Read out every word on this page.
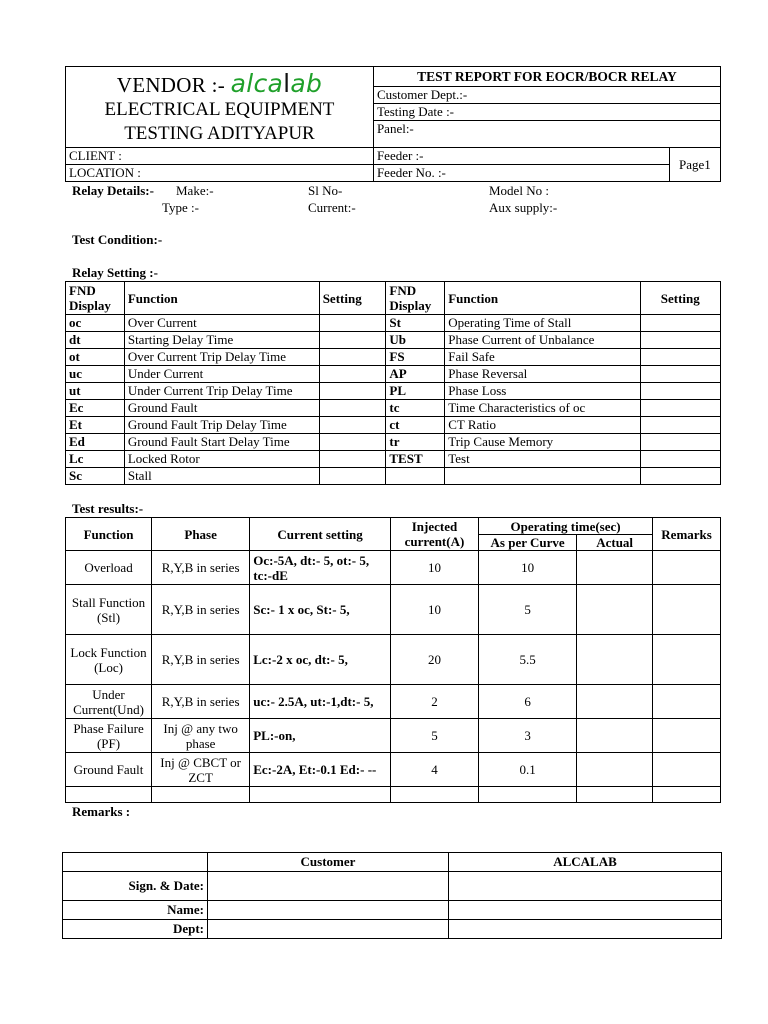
VENDOR :- alcalab
ELECTRICAL EQUIPMENT
TESTING ADITYAPUR	TEST REPORT FOR EOCR/BOCR RELAY	
	Customer Dept.:-	
	Testing Date :-	
	Panel:-	
CLIENT :	Feeder :-	Page1
LOCATION :	Feeder No. :-	
Relay Details:- Make:-	Sl No-	Model No :
Type :-	Current:-	Aux supply:-
Test Condition:-
Relay Setting :-
FND Display	Function	Setting	FND Display	Function	Setting
oc	Over Current		St	Operating Time of Stall	
dt	Starting Delay Time		Ub	Phase Current of Unbalance	
ot	Over Current Trip Delay Time		FS	Fail Safe	
uc	Under Current		AP	Phase Reversal	
ut	Under Current Trip Delay Time		PL	Phase Loss	
Ec	Ground Fault		tc	Time Characteristics of oc	
Et	Ground Fault Trip Delay Time		ct	CT Ratio	
Ed	Ground Fault Start Delay Time		tr	Trip Cause Memory	
Lc	Locked Rotor		TEST	Test	
Sc	Stall				
Test results:-
Function	Phase	Current setting	Injected current(A)	Operating time(sec)		Remarks
				As per Curve	Actual	
Overload	R,Y,B in series	Oc:-5A, dt:- 5, ot:- 5, tc:-dE	10	10		
Stall Function (Stl)	R,Y,B in series	Sc:- 1 x oc, St:- 5,	10	5		
Lock Function (Loc)	R,Y,B in series	Lc:-2 x oc, dt:- 5,	20	5.5		
Under Current(Und)	R,Y,B in series	uc:- 2.5A, ut:-1,dt:- 5,	2	6		
Phase Failure (PF)	Inj @ any two phase	PL:-on,	5	3		
Ground Fault	Inj @ CBCT or ZCT	Ec:-2A, Et:-0.1 Ed:- --	4	0.1		

Remarks :
	Customer	ALCALAB
Sign. & Date:		
Name:		
Dept:		
